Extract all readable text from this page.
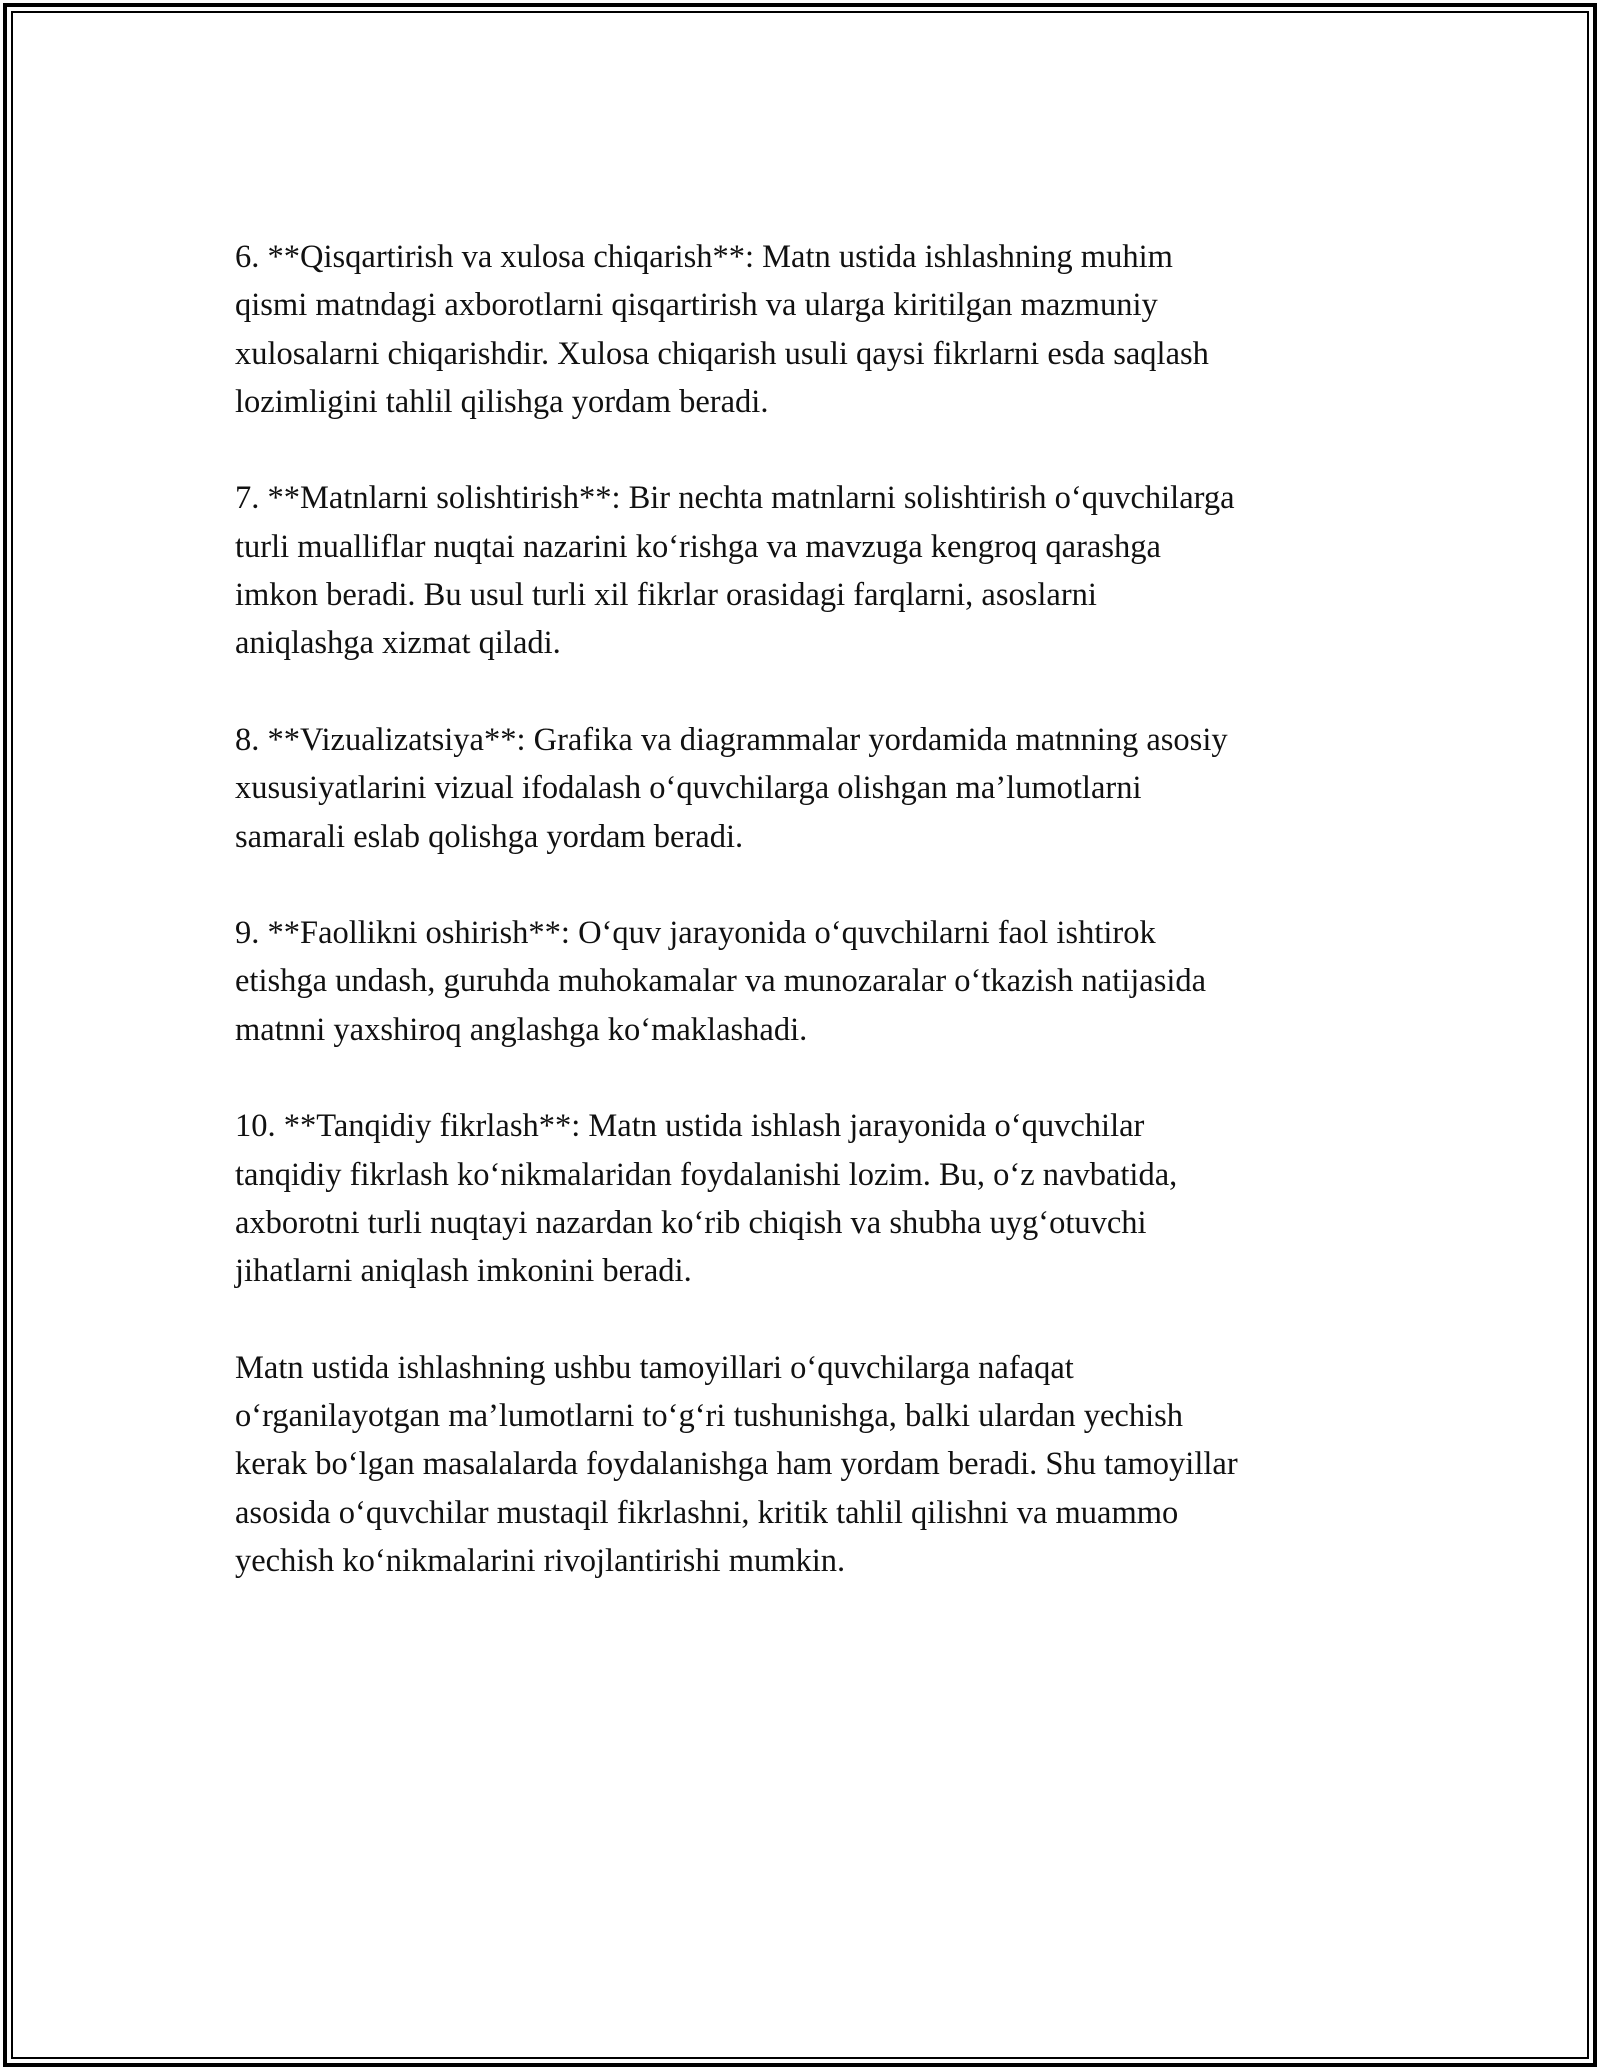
6. **Qisqartirish va xulosa chiqarish**: Matn ustida ishlashning muhim
qismi matndagi axborotlarni qisqartirish va ularga kiritilgan mazmuniy
xulosalarni chiqarishdir. Xulosa chiqarish usuli qaysi fikrlarni esda saqlash
lozimligini tahlil qilishga yordam beradi.

7. **Matnlarni solishtirish**: Bir nechta matnlarni solishtirish o‘quvchilarga
turli mualliflar nuqtai nazarini ko‘rishga va mavzuga kengroq qarashga
imkon beradi. Bu usul turli xil fikrlar orasidagi farqlarni, asoslarni
aniqlashga xizmat qiladi.

8. **Vizualizatsiya**: Grafika va diagrammalar yordamida matnning asosiy
xususiyatlarini vizual ifodalash o‘quvchilarga olishgan ma’lumotlarni
samarali eslab qolishga yordam beradi.

9. **Faollikni oshirish**: O‘quv jarayonida o‘quvchilarni faol ishtirok
etishga undash, guruhda muhokamalar va munozaralar o‘tkazish natijasida
matnni yaxshiroq anglashga ko‘maklashadi.

10. **Tanqidiy fikrlash**: Matn ustida ishlash jarayonida o‘quvchilar
tanqidiy fikrlash ko‘nikmalaridan foydalanishi lozim. Bu, o‘z navbatida,
axborotni turli nuqtayi nazardan ko‘rib chiqish va shubha uyg‘otuvchi
jihatlarni aniqlash imkonini beradi.

Matn ustida ishlashning ushbu tamoyillari o‘quvchilarga nafaqat
o‘rganilayotgan ma’lumotlarni to‘g‘ri tushunishga, balki ulardan yechish
kerak bo‘lgan masalalarda foydalanishga ham yordam beradi. Shu tamoyillar
asosida o‘quvchilar mustaqil fikrlashni, kritik tahlil qilishni va muammo
yechish ko‘nikmalarini rivojlantirishi mumkin.
